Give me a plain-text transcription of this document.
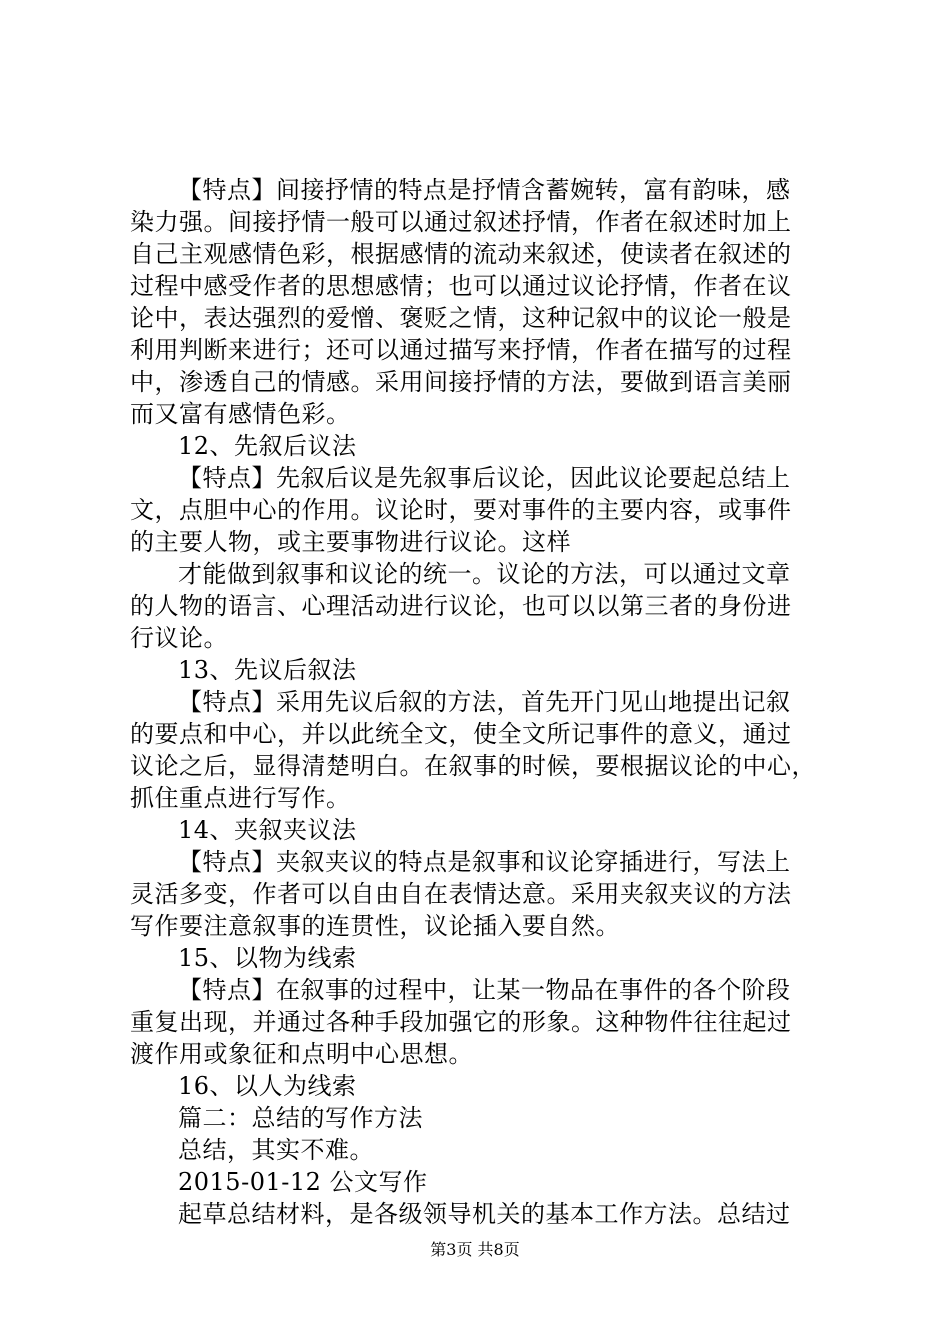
【特点】间接抒情的特点是抒情含蓄婉转，富有韵味，感
染力强。间接抒情一般可以通过叙述抒情，作者在叙述时加上
自己主观感情色彩，根据感情的流动来叙述，使读者在叙述的
过程中感受作者的思想感情；也可以通过议论抒情，作者在议
论中，表达强烈的爱憎、褒贬之情，这种记叙中的议论一般是
利用判断来进行；还可以通过描写来抒情，作者在描写的过程
中，渗透自己的情感。采用间接抒情的方法，要做到语言美丽
而又富有感情色彩。
12、先叙后议法
【特点】先叙后议是先叙事后议论，因此议论要起总结上
文，点胆中心的作用。议论时，要对事件的主要内容，或事件
的主要人物，或主要事物进行议论。这样
才能做到叙事和议论的统一。议论的方法，可以通过文章
的人物的语言、心理活动进行议论，也可以以第三者的身份进
行议论。
13、先议后叙法
【特点】采用先议后叙的方法，首先开门见山地提出记叙
的要点和中心，并以此统全文，使全文所记事件的意义，通过
议论之后，显得清楚明白。在叙事的时候，要根据议论的中心，
抓住重点进行写作。
14、夹叙夹议法
【特点】夹叙夹议的特点是叙事和议论穿插进行，写法上
灵活多变，作者可以自由自在表情达意。采用夹叙夹议的方法
写作要注意叙事的连贯性，议论插入要自然。
15、以物为线索
【特点】在叙事的过程中，让某一物品在事件的各个阶段
重复出现，并通过各种手段加强它的形象。这种物件往往起过
渡作用或象征和点明中心思想。
16、以人为线索
篇二：总结的写作方法
总结，其实不难。
2015-01-12 公文写作
起草总结材料，是各级领导机关的基本工作方法。总结过
第3页 共8页
